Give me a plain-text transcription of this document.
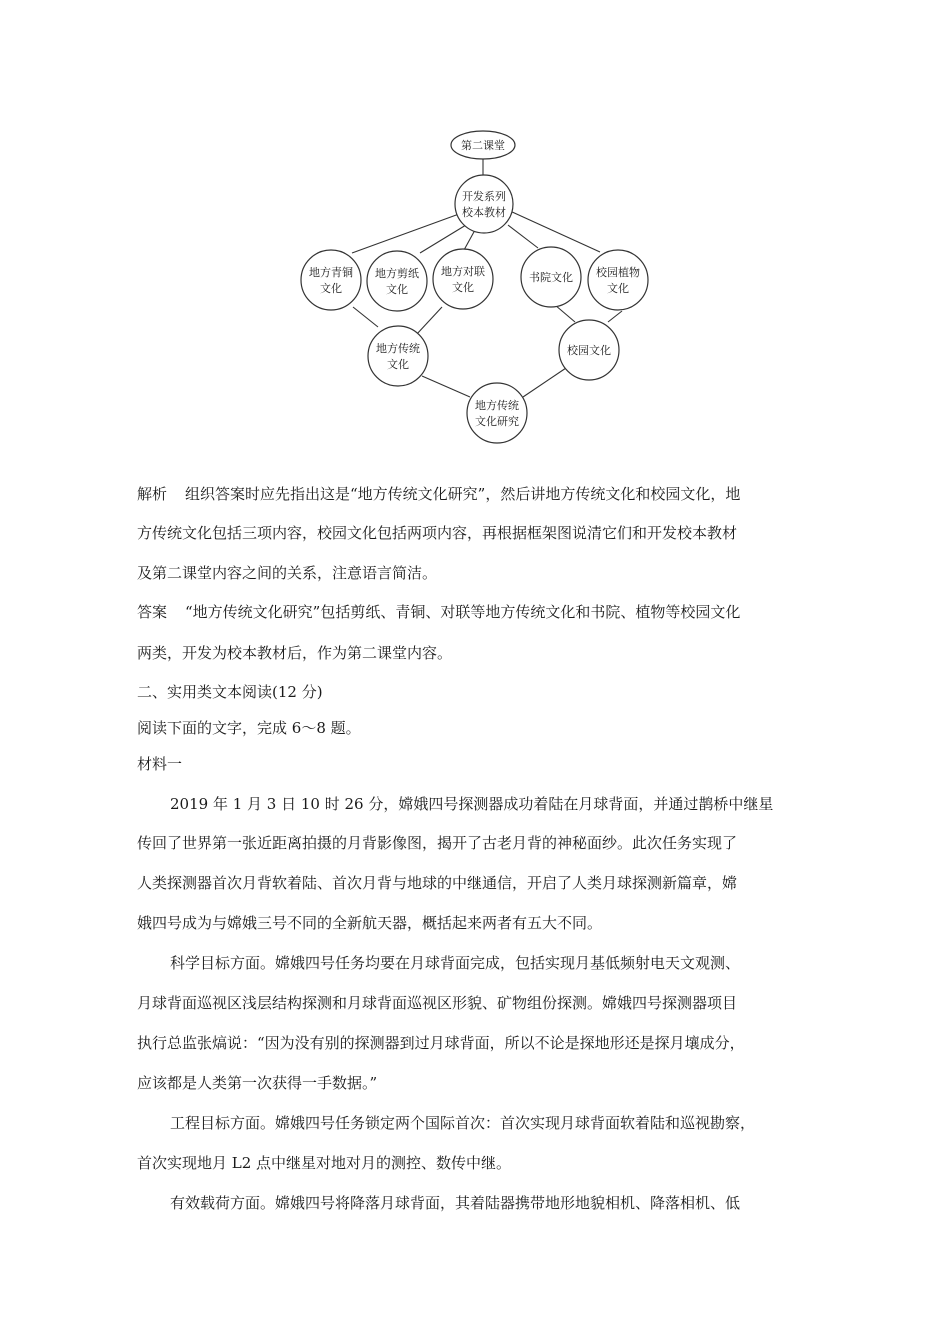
第二课堂
开发系列
校本教材
地方青铜
文化
地方剪纸
文化
地方对联
文化
书院文化 校园植物
文化
地方传统
文化
校园文化
地方传统
文化研究
解析 组织答案时应先指出这是“地方传统文化研究”，然后讲地方传统文化和校园文化，地
方传统文化包括三项内容，校园文化包括两项内容，再根据框架图说清它们和开发校本教材
及第二课堂内容之间的关系，注意语言简洁。
答案 “地方传统文化研究”包括剪纸、青铜、对联等地方传统文化和书院、植物等校园文化
两类，开发为校本教材后，作为第二课堂内容。
二、实用类文本阅读(12 分)
阅读下面的文字，完成 6～8 题。
材料一
2019 年 1 月 3 日 10 时 26 分，嫦娥四号探测器成功着陆在月球背面，并通过鹊桥中继星
传回了世界第一张近距离拍摄的月背影像图，揭开了古老月背的神秘面纱。此次任务实现了
人类探测器首次月背软着陆、首次月背与地球的中继通信，开启了人类月球探测新篇章，嫦
娥四号成为与嫦娥三号不同的全新航天器，概括起来两者有五大不同。
科学目标方面。嫦娥四号任务均要在月球背面完成，包括实现月基低频射电天文观测、
月球背面巡视区浅层结构探测和月球背面巡视区形貌、矿物组份探测。嫦娥四号探测器项目
执行总监张熇说：“因为没有别的探测器到过月球背面，所以不论是探地形还是探月壤成分，
应该都是人类第一次获得一手数据。”
工程目标方面。嫦娥四号任务锁定两个国际首次：首次实现月球背面软着陆和巡视勘察，
首次实现地月 L2 点中继星对地对月的测控、数传中继。
有效载荷方面。嫦娥四号将降落月球背面，其着陆器携带地形地貌相机、降落相机、低
